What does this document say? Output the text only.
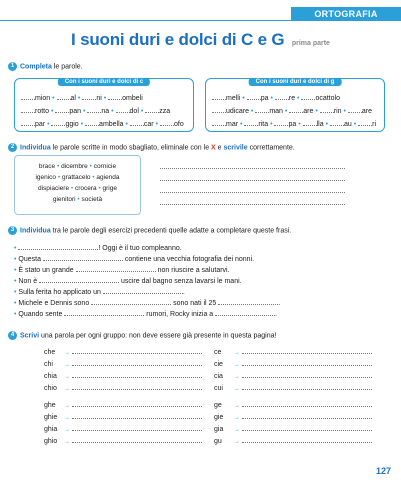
ORTOGRAFIA
I suoni duri e dolci di C e G prima parte
1 Completa le parole.
Con i suoni duri e dolci di c
mion • al • ni • ombeli
rotto • pan • na • dol • zza
par • ggio • ambella • car • ofo
Con i suoni duri e dolci di g
melli • pa • re • ocattolo
udicare • man • are • rin • are
mar • rita • pa • lla • au • ri
2 Individua le parole scritte in modo sbagliato, eliminale con le X e scrivile correttamente.
brace • dicembre • cornicie
igenico • grattacelo • agienda
dispiaciere • crocera • grige
gienitori • società
3 Individua tra le parole degli esercizi precedenti quelle adatte a completare queste frasi.
•	! Oggi è il tuo compleanno.
• Questa	contiene una vecchia fotografia dei nonni.
• È stato un grande	non riuscire a salutarvi.
• Non è	uscire dal bagno senza lavarsi le mani.
• Sulla ferita ho applicato un	.
• Michele e Dennis sono	sono nati il 25	.
• Quando sente	rumori, Rocky inizia a	.
4 Scrivi una parola per ogni gruppo: non deve essere già presente in questa pagina!
che →
chi →
chia →
chio →
ghe →
ghie →
ghia →
ghio →
ce →
cie →
cia →
cui →
ge →
gie →
gia →
gu →
127
